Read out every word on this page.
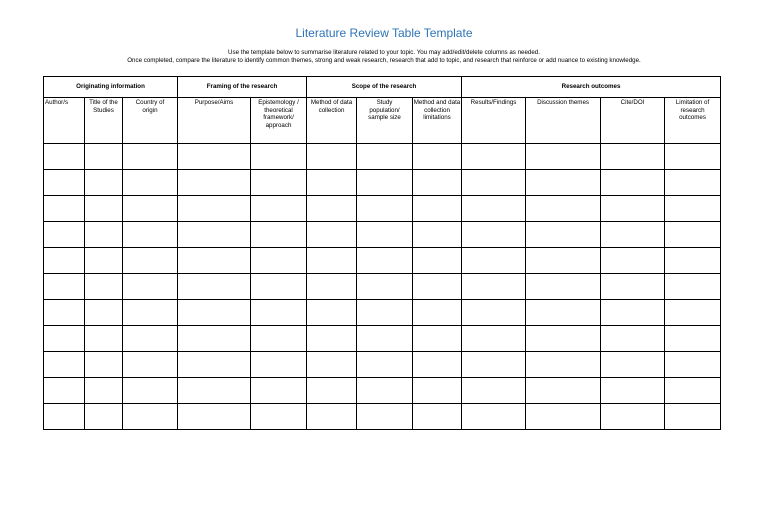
Literature Review Table Template
Use the template below to summarise literature related to your topic. You may add/edit/delete columns as needed.
Once completed, compare the literature to identify common themes, strong and weak research, research that add to topic, and research that reinforce or add nuance to existing knowledge.
Originating information			Framing of the research		Scope of the research			Research outcomes			

Author/s	Title of the Studies	Country of origin	Purpose/Aims	Epistemology / theoretical framework/ approach	Method of data collection	Study population/ sample size	Method and data collection limitations	Results/Findings	Discussion themes	Cite/DOI	Limitation of research outcomes
